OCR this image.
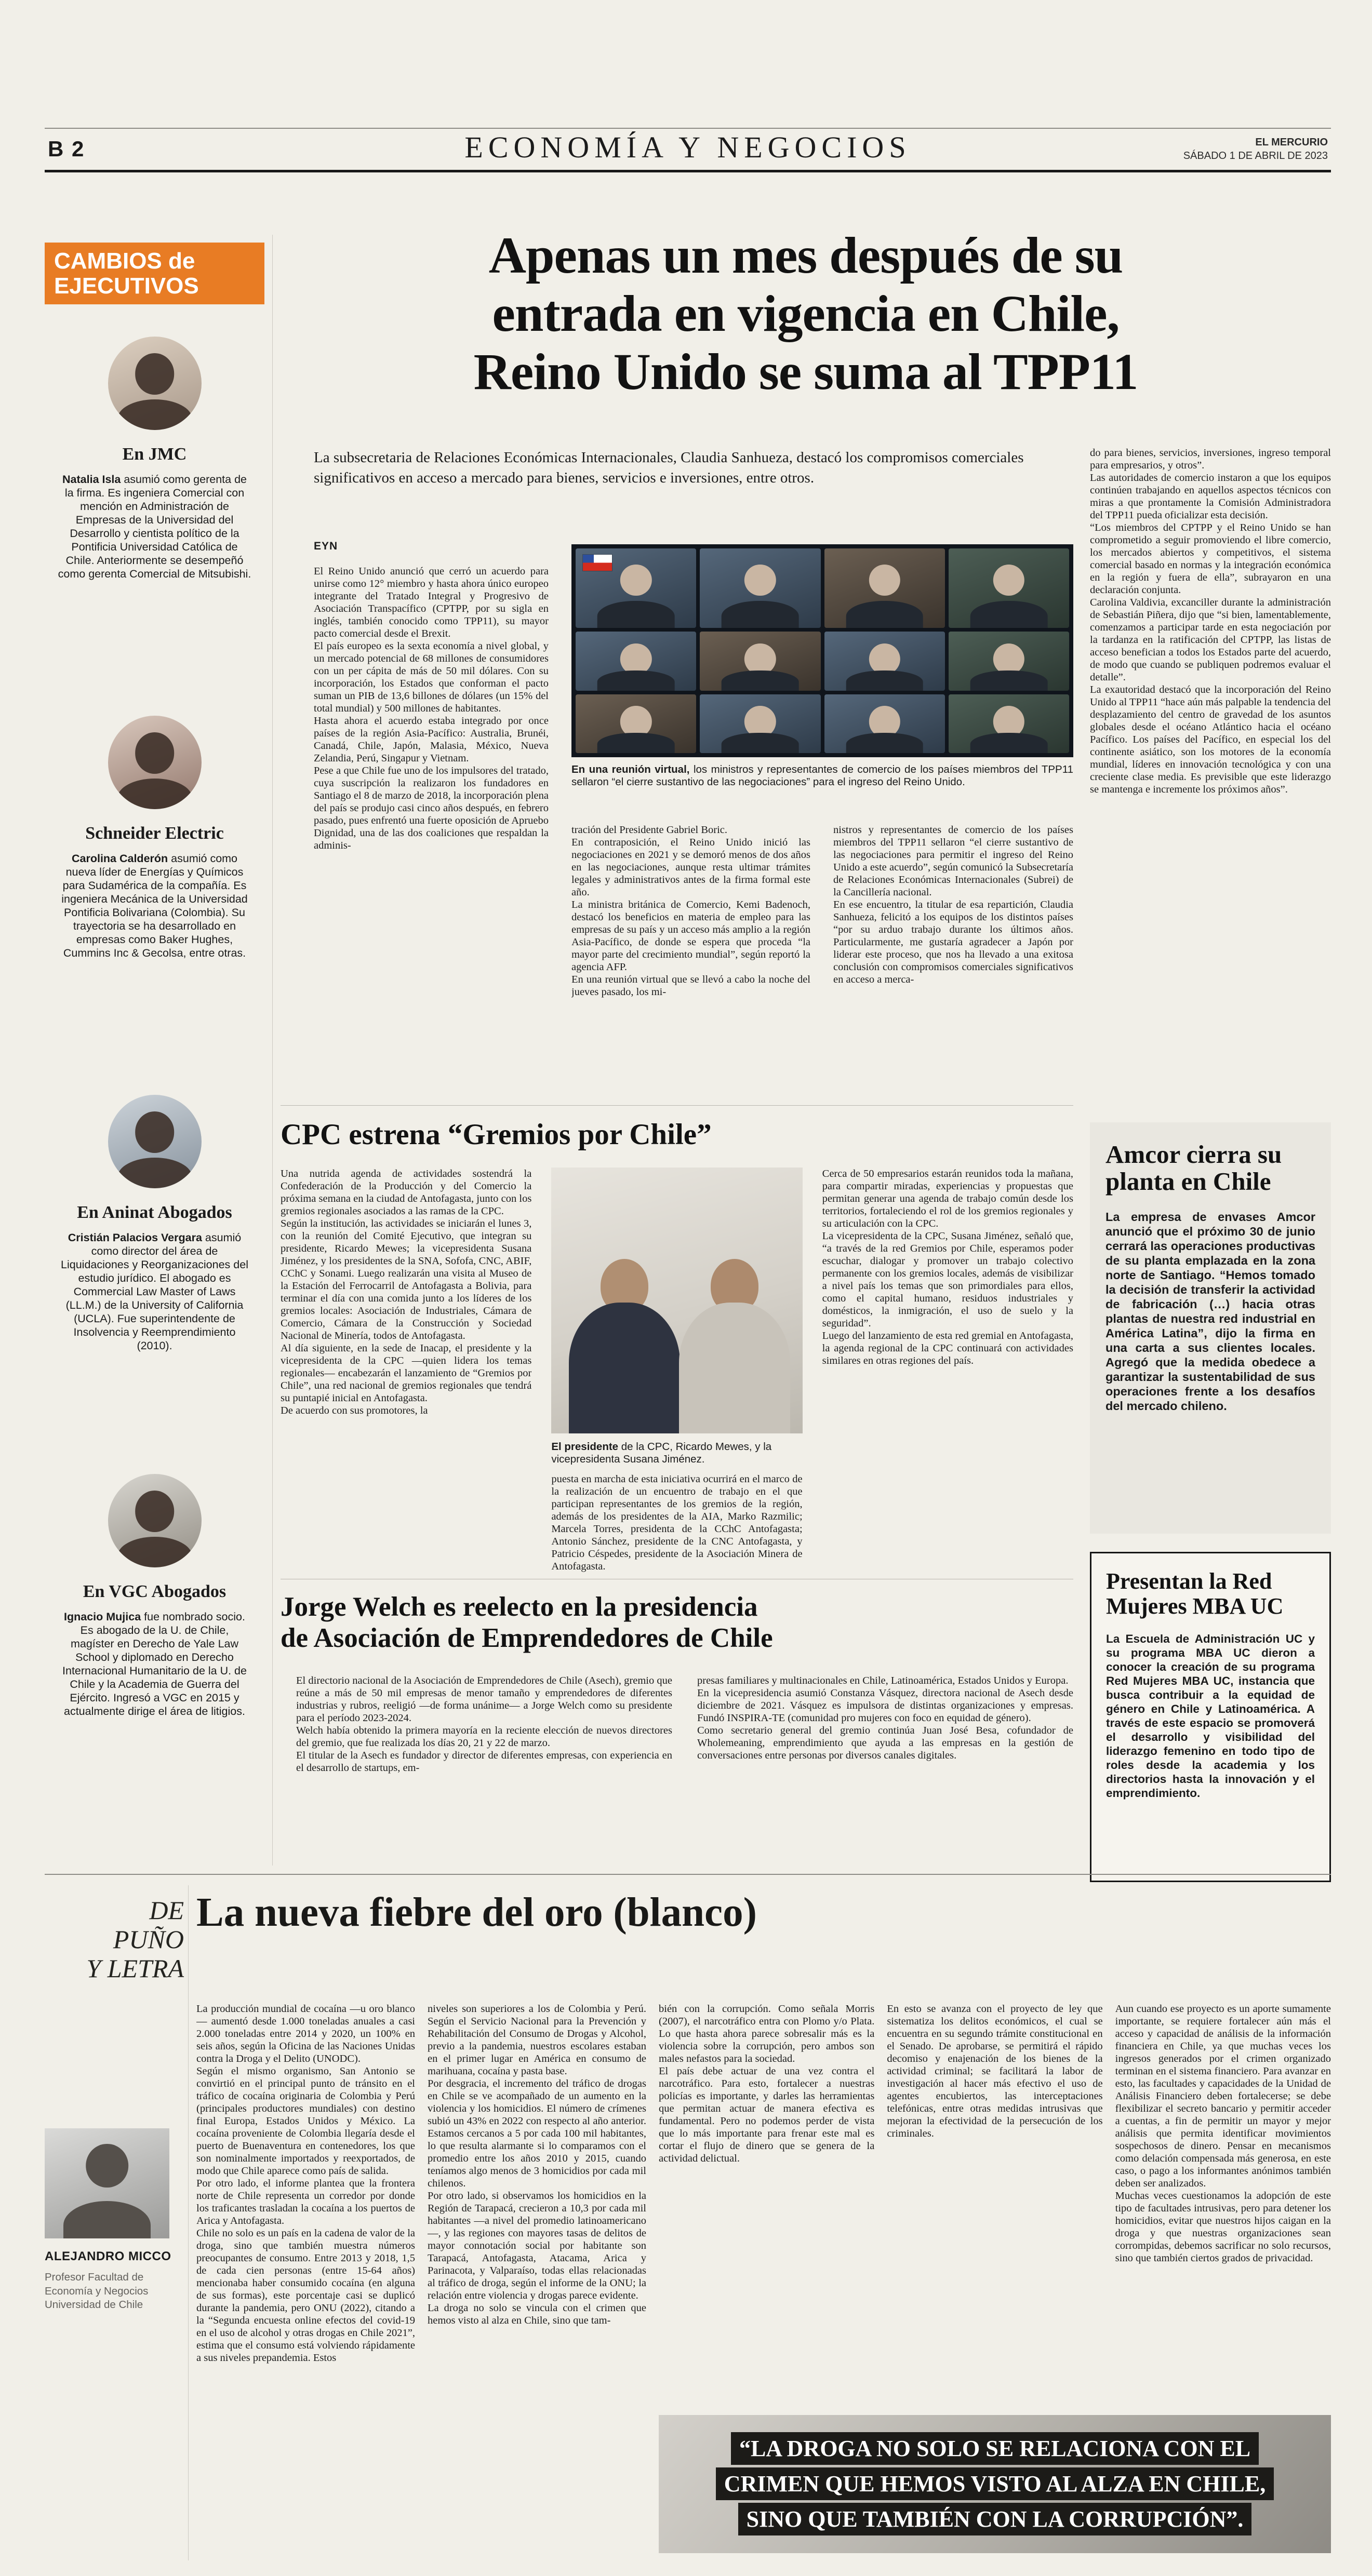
B 2	ECONOMÍA Y NEGOCIOS	EL MERCURIO
SÁBADO 1 DE ABRIL DE 2023
CAMBIOS de
EJECUTIVOS
En JMC

Natalia Isla asumió como gerenta de la firma. Es ingeniera Comercial con mención en Administración de Empresas de la Universidad del Desarrollo y cientista político de la Pontificia Universidad Católica de Chile. Anteriormente se desempeñó como gerenta Comercial de Mitsubishi.

Schneider Electric

Carolina Calderón asumió como nueva líder de Energías y Químicos para Sudamérica de la compañía. Es ingeniera Mecánica de la Universidad Pontificia Bolivariana (Colombia). Su trayectoria se ha desarrollado en empresas como Baker Hughes, Cummins Inc & Gecolsa, entre otras.

En Aninat Abogados

Cristián Palacios Vergara asumió como director del área de Liquidaciones y Reorganizaciones del estudio jurídico. El abogado es Commercial Law Master of Laws (LL.M.) de la University of California (UCLA). Fue superintendente de Insolvencia y Reemprendimiento (2010).

En VGC Abogados

Ignacio Mujica fue nombrado socio. Es abogado de la U. de Chile, magíster en Derecho de Yale Law School y diplomado en Derecho Internacional Humanitario de la U. de Chile y la Academia de Guerra del Ejército. Ingresó a VGC en 2015 y actualmente dirige el área de litigios.

Apenas un mes después de su
entrada en vigencia en Chile,
Reino Unido se suma al TPP11

La subsecretaria de Relaciones Económicas Internacionales, Claudia Sanhueza, destacó los compromisos comerciales significativos en acceso a mercado para bienes, servicios e inversiones, entre otros.

EYN
El Reino Unido anunció que cerró un acuerdo para unirse como 12° miembro y hasta ahora único europeo integrante del Tratado Integral y Progresivo de Asociación Transpacífico (CPTPP, por su sigla en inglés, también conocido como TPP11), su mayor pacto comercial desde el Brexit.
El país europeo es la sexta economía a nivel global, y un mercado potencial de 68 millones de consumidores con un per cápita de más de 50 mil dólares. Con su incorporación, los Estados que conforman el pacto suman un PIB de 13,6 billones de dólares (un 15% del total mundial) y 500 millones de habitantes.
Hasta ahora el acuerdo estaba integrado por once países de la región Asia-Pacífico: Australia, Brunéi, Canadá, Chile, Japón, Malasia, México, Nueva Zelandia, Perú, Singapur y Vietnam.
Pese a que Chile fue uno de los impulsores del tratado, cuya suscripción la realizaron los fundadores en Santiago el 8 de marzo de 2018, la incorporación plena del país se produjo casi cinco años después, en febrero pasado, pues enfrentó una fuerte oposición de Apruebo Dignidad, una de las dos coaliciones que respaldan la adminis-
En una reunión virtual, los ministros y representantes de comercio de los países miembros del TPP11 sellaron “el cierre sustantivo de las negociaciones” para el ingreso del Reino Unido.
tración del Presidente Gabriel Boric.
En contraposición, el Reino Unido inició las negociaciones en 2021 y se demoró menos de dos años en las negociaciones, aunque resta ultimar trámites legales y administrativos antes de la firma formal este año.
La ministra británica de Comercio, Kemi Badenoch, destacó los beneficios en materia de empleo para las empresas de su país y un acceso más amplio a la región Asia-Pacífico, de donde se espera que proceda “la mayor parte del crecimiento mundial”, según reportó la agencia AFP.
En una reunión virtual que se llevó a cabo la noche del jueves pasado, los mi-
nistros y representantes de comercio de los países miembros del TPP11 sellaron “el cierre sustantivo de las negociaciones para permitir el ingreso del Reino Unido a este acuerdo”, según comunicó la Subsecretaría de Relaciones Económicas Internacionales (Subrei) de la Cancillería nacional.
En ese encuentro, la titular de esa repartición, Claudia Sanhueza, felicitó a los equipos de los distintos países “por su arduo trabajo durante los últimos años. Particularmente, me gustaría agradecer a Japón por liderar este proceso, que nos ha llevado a una exitosa conclusión con compromisos comerciales significativos en acceso a merca-
do para bienes, servicios, inversiones, ingreso temporal para empresarios, y otros”.
Las autoridades de comercio instaron a que los equipos continúen trabajando en aquellos aspectos técnicos con miras a que prontamente la Comisión Administradora del TPP11 pueda oficializar esta decisión.
“Los miembros del CPTPP y el Reino Unido se han comprometido a seguir promoviendo el libre comercio, los mercados abiertos y competitivos, el sistema comercial basado en normas y la integración económica en la región y fuera de ella”, subrayaron en una declaración conjunta.
Carolina Valdivia, excanciller durante la administración de Sebastián Piñera, dijo que “si bien, lamentablemente, comenzamos a participar tarde en esta negociación por la tardanza en la ratificación del CPTPP, las listas de acceso benefician a todos los Estados parte del acuerdo, de modo que cuando se publiquen podremos evaluar el detalle”.
La exautoridad destacó que la incorporación del Reino Unido al TPP11 “hace aún más palpable la tendencia del desplazamiento del centro de gravedad de los asuntos globales desde el océano Atlántico hacia el océano Pacífico. Los países del Pacífico, en especial los del continente asiático, son los motores de la economía mundial, líderes en innovación tecnológica y con una creciente clase media. Es previsible que este liderazgo se mantenga e incremente los próximos años”.
CPC estrena “Gremios por Chile”
Una nutrida agenda de actividades sostendrá la Confederación de la Producción y del Comercio la próxima semana en la ciudad de Antofagasta, junto con los gremios regionales asociados a las ramas de la CPC.
Según la institución, las actividades se iniciarán el lunes 3, con la reunión del Comité Ejecutivo, que integran su presidente, Ricardo Mewes; la vicepresidenta Susana Jiménez, y los presidentes de la SNA, Sofofa, CNC, ABIF, CChC y Sonami. Luego realizarán una visita al Museo de la Estación del Ferrocarril de Antofagasta a Bolivia, para terminar el día con una comida junto a los líderes de los gremios locales: Asociación de Industriales, Cámara de Comercio, Cámara de la Construcción y Sociedad Nacional de Minería, todos de Antofagasta.
Al día siguiente, en la sede de Inacap, el presidente y la vicepresidenta de la CPC —quien lidera los temas regionales— encabezarán el lanzamiento de “Gremios por Chile”, una red nacional de gremios regionales que tendrá su puntapié inicial en Antofagasta.
De acuerdo con sus promotores, la
El presidente de la CPC, Ricardo Mewes, y la vicepresidenta Susana Jiménez.
puesta en marcha de esta iniciativa ocurrirá en el marco de la realización de un encuentro de trabajo en el que participan representantes de los gremios de la región, además de los presidentes de la AIA, Marko Razmilic; Marcela Torres, presidenta de la CChC Antofagasta; Antonio Sánchez, presidente de la CNC Antofagasta, y Patricio Céspedes, presidente de la Asociación Minera de Antofagasta.
Cerca de 50 empresarios estarán reunidos toda la mañana, para compartir miradas, experiencias y propuestas que permitan generar una agenda de trabajo común desde los territorios, fortaleciendo el rol de los gremios regionales y su articulación con la CPC.
La vicepresidenta de la CPC, Susana Jiménez, señaló que, “a través de la red Gremios por Chile, esperamos poder escuchar, dialogar y promover un trabajo colectivo permanente con los gremios locales, además de visibilizar a nivel país los temas que son primordiales para ellos, como el capital humano, residuos industriales y domésticos, la inmigración, el uso de suelo y la seguridad”.
Luego del lanzamiento de esta red gremial en Antofagasta, la agenda regional de la CPC continuará con actividades similares en otras regiones del país.
Amcor cierra su planta en Chile

La empresa de envases Amcor anunció que el próximo 30 de junio cerrará las operaciones productivas de su planta emplazada en la zona norte de Santiago. “Hemos tomado la decisión de transferir la actividad de fabricación (…) hacia otras plantas de nuestra red industrial en América Latina”, dijo la firma en una carta a sus clientes locales. Agregó que la medida obedece a garantizar la sustentabilidad de sus operaciones frente a los desafíos del mercado chileno.

Presentan la Red Mujeres MBA UC

La Escuela de Administración UC y su programa MBA UC dieron a conocer la creación de su programa Red Mujeres MBA UC, instancia que busca contribuir a la equidad de género en Chile y Latinoamérica. A través de este espacio se promoverá el desarrollo y visibilidad del liderazgo femenino en todo tipo de roles desde la academia y los directorios hasta la innovación y el emprendimiento.

Jorge Welch es reelecto en la presidencia
de Asociación de Emprendedores de Chile
El directorio nacional de la Asociación de Emprendedores de Chile (Asech), gremio que reúne a más de 50 mil empresas de menor tamaño y emprendedores de diferentes industrias y rubros, reeligió —de forma unánime— a Jorge Welch como su presidente para el período 2023-2024.
Welch había obtenido la primera mayoría en la reciente elección de nuevos directores del gremio, que fue realizada los días 20, 21 y 22 de marzo.
El titular de la Asech es fundador y director de diferentes empresas, con experiencia en el desarrollo de startups, em-
presas familiares y multinacionales en Chile, Latinoamérica, Estados Unidos y Europa.
En la vicepresidencia asumió Constanza Vásquez, directora nacional de Asech desde diciembre de 2021. Vásquez es impulsora de distintas organizaciones y empresas. Fundó INSPIRA-TE (comunidad pro mujeres con foco en equidad de género).
Como secretario general del gremio continúa Juan José Besa, cofundador de Wholemeaning, emprendimiento que ayuda a las empresas en la gestión de conversaciones entre personas por diversos canales digitales.
DE
PUÑO
Y LETRA
La nueva fiebre del oro (blanco)
La producción mundial de cocaína —u oro blanco— aumentó desde 1.000 toneladas anuales a casi 2.000 toneladas entre 2014 y 2020, un 100% en seis años, según la Oficina de las Naciones Unidas contra la Droga y el Delito (UNODC).
Según el mismo organismo, San Antonio se convirtió en el principal punto de tránsito en el tráfico de cocaína originaria de Colombia y Perú (principales productores mundiales) con destino final Europa, Estados Unidos y México. La cocaína proveniente de Colombia llegaría desde el puerto de Buenaventura en contenedores, los que son nominalmente importados y reexportados, de modo que Chile aparece como país de salida.
Por otro lado, el informe plantea que la frontera norte de Chile representa un corredor por donde los traficantes trasladan la cocaína a los puertos de Arica y Antofagasta.
Chile no solo es un país en la cadena de valor de la droga, sino que también muestra números preocupantes de consumo. Entre 2013 y 2018, 1,5 de cada cien personas (entre 15-64 años) mencionaba haber consumido cocaína (en alguna de sus formas), este porcentaje casi se duplicó durante la pandemia, pero ONU (2022), citando a la “Segunda encuesta online efectos del covid-19 en el uso de alcohol y otras drogas en Chile 2021”, estima que el consumo está volviendo rápidamente a sus niveles prepandemia. Estos
niveles son superiores a los de Colombia y Perú. Según el Servicio Nacional para la Prevención y Rehabilitación del Consumo de Drogas y Alcohol, previo a la pandemia, nuestros escolares estaban en el primer lugar en América en consumo de marihuana, cocaína y pasta base.
Por desgracia, el incremento del tráfico de drogas en Chile se ve acompañado de un aumento en la violencia y los homicidios. El número de crímenes subió un 43% en 2022 con respecto al año anterior. Estamos cercanos a 5 por cada 100 mil habitantes, lo que resulta alarmante si lo comparamos con el promedio entre los años 2010 y 2015, cuando teníamos algo menos de 3 homicidios por cada mil chilenos.
Por otro lado, si observamos los homicidios en la Región de Tarapacá, crecieron a 10,3 por cada mil habitantes —a nivel del promedio latinoamericano—, y las regiones con mayores tasas de delitos de mayor connotación social por habitante son Tarapacá, Antofagasta, Atacama, Arica y Parinacota, y Valparaíso, todas ellas relacionadas al tráfico de droga, según el informe de la ONU; la relación entre violencia y drogas parece evidente.
La droga no solo se vincula con el crimen que hemos visto al alza en Chile, sino que tam-
bién con la corrupción. Como señala Morris (2007), el narcotráfico entra con Plomo y/o Plata. Lo que hasta ahora parece sobresalir más es la violencia sobre la corrupción, pero ambos son males nefastos para la sociedad.
El país debe actuar de una vez contra el narcotráfico. Para esto, fortalecer a nuestras policías es importante, y darles las herramientas que permitan actuar de manera efectiva es fundamental. Pero no podemos perder de vista que lo más importante para frenar este mal es cortar el flujo de dinero que se genera de la actividad delictual.
En esto se avanza con el proyecto de ley que sistematiza los delitos económicos, el cual se encuentra en su segundo trámite constitucional en el Senado. De aprobarse, se permitirá el rápido decomiso y enajenación de los bienes de la actividad criminal; se facilitará la labor de investigación al hacer más efectivo el uso de agentes encubiertos, las interceptaciones telefónicas, entre otras medidas intrusivas que mejoran la efectividad de la persecución de los criminales.
Aun cuando ese proyecto es un aporte sumamente importante, se requiere fortalecer aún más el acceso y capacidad de análisis de la información financiera en Chile, ya que muchas veces los ingresos generados por el crimen organizado terminan en el sistema financiero. Para avanzar en esto, las facultades y capacidades de la Unidad de Análisis Financiero deben fortalecerse; se debe flexibilizar el secreto bancario y permitir acceder a cuentas, a fin de permitir un mayor y mejor análisis que permita identificar movimientos sospechosos de dinero. Pensar en mecanismos como delación compensada más generosa, en este caso, o pago a los informantes anónimos también deben ser analizados.
Muchas veces cuestionamos la adopción de este tipo de facultades intrusivas, pero para detener los homicidios, evitar que nuestros hijos caigan en la droga y que nuestras organizaciones sean corrompidas, debemos sacrificar no solo recursos, sino que también ciertos grados de privacidad.
“LA DROGA NO SOLO SE RELACIONA CON EL CRIMEN QUE HEMOS VISTO AL ALZA EN CHILE, SINO QUE TAMBIÉN CON LA CORRUPCIÓN”.
ALEJANDRO MICCO
Profesor Facultad de Economía y Negocios Universidad de Chile
